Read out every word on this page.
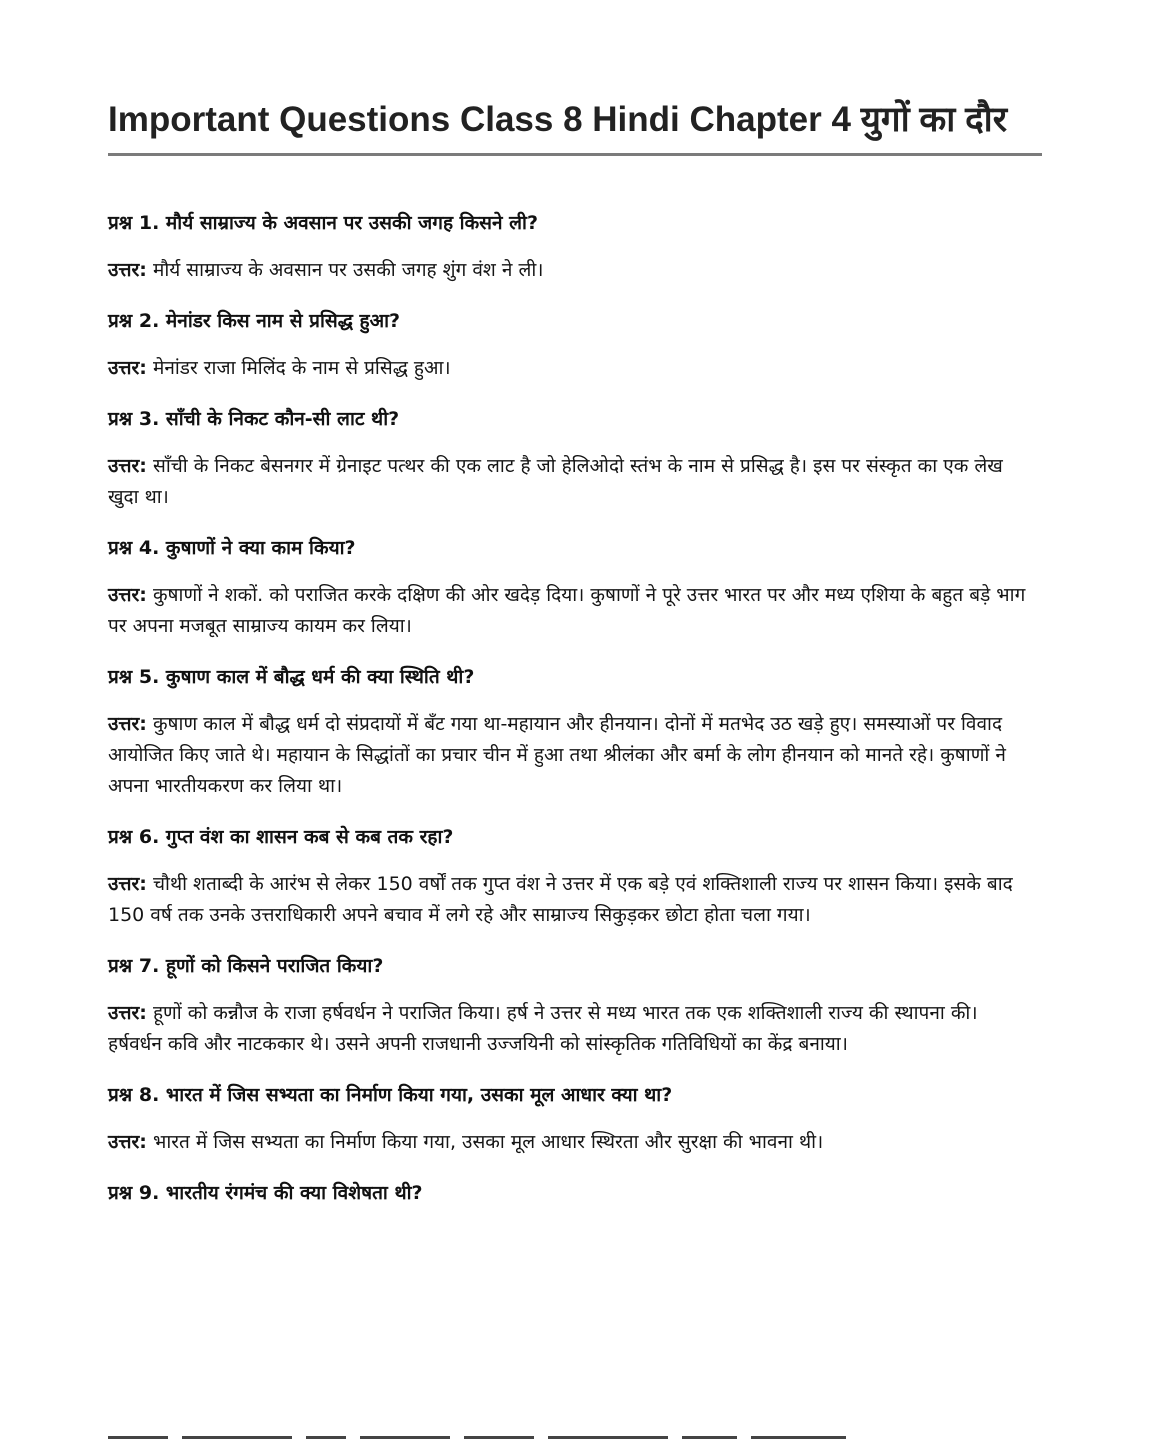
Important Questions Class 8 Hindi Chapter 4 युगों का दौर

प्रश्न 1. मौर्य साम्राज्य के अवसान पर उसकी जगह किसने ली?

उत्तर: मौर्य साम्राज्य के अवसान पर उसकी जगह शुंग वंश ने ली।

प्रश्न 2. मेनांडर किस नाम से प्रसिद्ध हुआ?

उत्तर: मेनांडर राजा मिलिंद के नाम से प्रसिद्ध हुआ।

प्रश्न 3. साँची के निकट कौन-सी लाट थी?

उत्तर: साँची के निकट बेसनगर में ग्रेनाइट पत्थर की एक लाट है जो हेलिओदो स्तंभ के नाम से प्रसिद्ध है। इस पर संस्कृत का एक लेख खुदा था।

प्रश्न 4. कुषाणों ने क्या काम किया?

उत्तर: कुषाणों ने शकों. को पराजित करके दक्षिण की ओर खदेड़ दिया। कुषाणों ने पूरे उत्तर भारत पर और मध्य एशिया के बहुत बड़े भाग पर अपना मजबूत साम्राज्य कायम कर लिया।

प्रश्न 5. कुषाण काल में बौद्ध धर्म की क्या स्थिति थी?

उत्तर: कुषाण काल में बौद्ध धर्म दो संप्रदायों में बँट गया था-महायान और हीनयान। दोनों में मतभेद उठ खड़े हुए। समस्याओं पर विवाद आयोजित किए जाते थे। महायान के सिद्धांतों का प्रचार चीन में हुआ तथा श्रीलंका और बर्मा के लोग हीनयान को मानते रहे। कुषाणों ने अपना भारतीयकरण कर लिया था।

प्रश्न 6. गुप्त वंश का शासन कब से कब तक रहा?

उत्तर: चौथी शताब्दी के आरंभ से लेकर 150 वर्षों तक गुप्त वंश ने उत्तर में एक बड़े एवं शक्तिशाली राज्य पर शासन किया। इसके बाद 150 वर्ष तक उनके उत्तराधिकारी अपने बचाव में लगे रहे और साम्राज्य सिकुड़कर छोटा होता चला गया।

प्रश्न 7. हूणों को किसने पराजित किया?

उत्तर: हूणों को कन्नौज के राजा हर्षवर्धन ने पराजित किया। हर्ष ने उत्तर से मध्य भारत तक एक शक्तिशाली राज्य की स्थापना की। हर्षवर्धन कवि और नाटककार थे। उसने अपनी राजधानी उज्जयिनी को सांस्कृतिक गतिविधियों का केंद्र बनाया।

प्रश्न 8. भारत में जिस सभ्यता का निर्माण किया गया, उसका मूल आधार क्या था?

उत्तर: भारत में जिस सभ्यता का निर्माण किया गया, उसका मूल आधार स्थिरता और सुरक्षा की भावना थी।

प्रश्न 9. भारतीय रंगमंच की क्या विशेषता थी?
